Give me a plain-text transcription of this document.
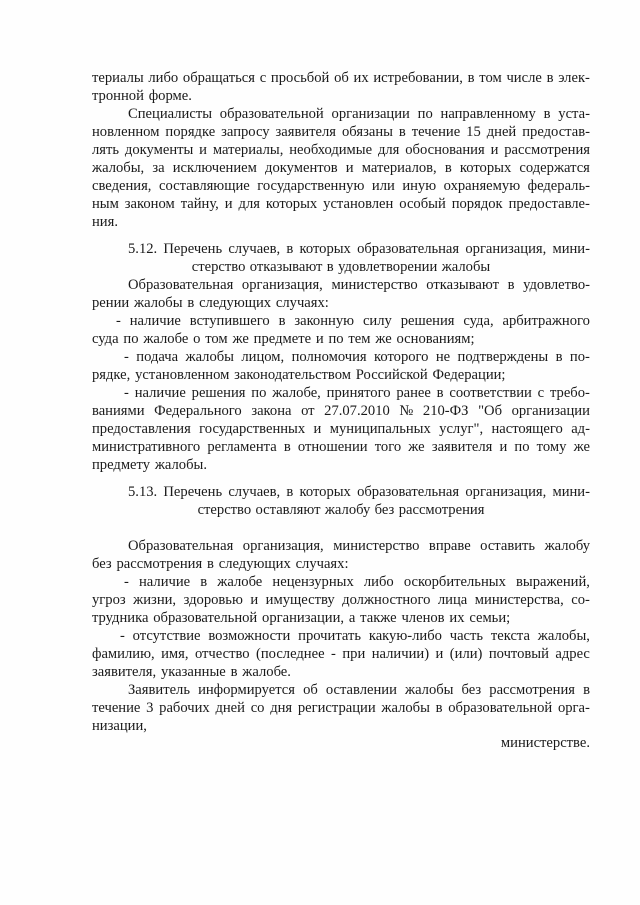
териалы либо обращаться с просьбой об их истребовании, в том числе в элек-
тронной форме.
Специалисты образовательной организации по направленному в уста-
новленном порядке запросу заявителя обязаны в течение 15 дней предостав-
лять документы и материалы, необходимые для обоснования и рассмотрения
жалобы, за исключением документов и материалов, в которых содержатся
сведения, составляющие государственную или иную охраняемую федераль-
ным законом тайну, и для которых установлен особый порядок предоставле-
ния.
5.12. Перечень случаев, в которых образовательная организация, мини-
стерство отказывают в удовлетворении жалобы
Образовательная организация, министерство отказывают в удовлетво-
рении жалобы в следующих случаях:
- наличие вступившего в законную силу решения суда, арбитражного
суда по жалобе о том же предмете и по тем же основаниям;
- подача жалобы лицом, полномочия которого не подтверждены в по-
рядке, установленном законодательством Российской Федерации;
- наличие решения по жалобе, принятого ранее в соответствии с требо-
ваниями Федерального закона от 27.07.2010 № 210-ФЗ "Об организации
предоставления государственных и муниципальных услуг", настоящего ад-
министративного регламента в отношении того же заявителя и по тому же
предмету жалобы.
5.13. Перечень случаев, в которых образовательная организация, мини-
стерство оставляют жалобу без рассмотрения
Образовательная организация, министерство вправе оставить жалобу
без рассмотрения в следующих случаях:
- наличие в жалобе нецензурных либо оскорбительных выражений,
угроз жизни, здоровью и имуществу должностного лица министерства, со-
трудника образовательной организации, а также членов их семьи;
- отсутствие возможности прочитать какую-либо часть текста жалобы,
фамилию, имя, отчество (последнее - при наличии) и (или) почтовый адрес
заявителя, указанные в жалобе.
Заявитель информируется об оставлении жалобы без рассмотрения в
течение 3 рабочих дней со дня регистрации жалобы в образовательной орга-
низации,
министерстве.
